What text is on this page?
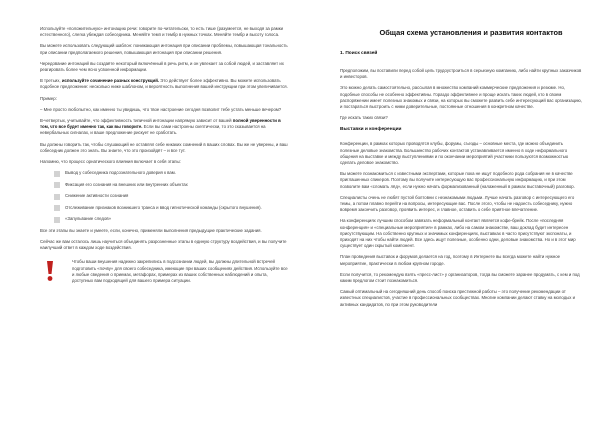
Используйте «положительную» интонацию речи: говорите по-читательски, то есть тише (разумеется, не выходя за рамки естественного), слегка убеждая собеседника. Меняйте темп и тембр в нужных точках. Меняйте тембр и высоту голоса.

Вы можете использовать следующий шаблон: понижающая интонация при описании проблемы, повышающая тональность при описании предполагаемого решения, повышающая интонация при описании решения.

Чередование интонаций вы создаёте некоторый включённый в речь ритм, и он увлекает за собой людей, и заставляет их реагировать более чем ясно усвоенной информации.

В третьих, используйте сочинение разных конструкций. Это действует более эффективно. Вы можете использовать подобное предложение: несколько ниже шаблоном, и вероятность выполнения вашей инструкции при этом увеличивается.

Пример:

– Мне просто любопытно, как именно ты увидишь, что твое настроение сегодня позволит тебе устать меньше вечером?

В-четвертых, учитывайте, что эффективность типичной интонации напрямую зависит от вашей полной уверенности в том, что все будет именно так, как вы говорите. Если вы сами настроены скептически, то это сказывается на невербальных сигналах, и ваше предложение рискует не сработать.

Вы должны говорить так, чтобы слушающий не оставлял себе никаких сомнений в ваших словах. Вы же не уверены, и ваш собеседник должен это знать. Вы знаете, что это произойдёт – и все тут.

Напомню, что процесс орнатического влияния включает в себя этапы:

Вывод у собеседника подсознательного доверия к вам.
Фиксация его сознания на внешних или внутренних объектах
Снижение активности сознания
Отслеживание признаков возникшего транса и ввод гипнотической команды (скрытого внушения).
«Запульвание следов»

Все эти этапы вы знаете и умеете, если, конечно, применяли выполнения предыдущие практические задания.

Сейчас же вам осталось лишь научиться объединять разрозненные этапы в единую структуру воздействия, и вы получите наилучший ответ в каждом ходе воздействия.

Чтобы ваши внушения надежно закрепились в подсознании людей, вы должны длительной встречей подготовить «почву» для своего собеседника, имеющие при ваших сообщениях действия. Используйте все и любые сведения о приемах, метафорах, примерах из ваших собственных наблюдений и опыта, доступных вам подходящей для вашего примера ситуации.

Общая схема установления и развития контактов
1. Поиск связей

Предположим, вы поставили перед собой цель трудоустроиться в серьезную компанию, либо найти крупных заказчиков и инвесторов.

Это можно делать самостоятельно, рассылая в множество компаний коммерческие предложения и резюме. Но, подобные способы не особенно эффективны. Гораздо эффективнее и проще искать таких людей, кто в своем распоряжении имеет полезных знакомых и связи, на которых вы сможете развить себе интересующий вас организацию, и постараться выстроить с ними доверительные, постоянные отношения в конкретном качестве.

Где искать таких связи?

Выставки и конференции

Конференции, в рамках которых проводятся клубы, форумы, съезды – основные места, где можно объединить полезные деловые знакомства. Большинство рабочих контактов устанавливается именно в ходе неформального общения на выставке и между выступлениями и по окончании мероприятий участники пользуются возможностью сделать деловое знакомство.

Вы можете познакомиться с известными экспертами, которые пока не ищут подобного рода собрания не в качестве приглашенных спикеров. Поэтому вы получите интересующую вас профессиональную информацию, и при этом позволите вам «сломать лёд», если нужно начать формализованный (налаженный в рамках выставочный) разговор.

Специалисты очень не любят пустой болтовни с незнакомыми людьми. Лучше начать разговор с интересующего его темы, а потом плавно перейти на вопросы, интересующие вас. После этого, чтобы не надоесть собеседнику, нужно вовремя закончить разговор, проявить интерес, и главное, оставить о себе приятное впечатление.

На конференциях лучшим способом завязать неформальный контакт является кофе-брейк. После «последняя конференция» и «специальные мероприятия» в рамках, либо на самом знакомстве, ваш доклад будет интересен присутствующим. На собственно крупных и значимых конференциях, выставках в часто присутствуют экспонаты, и приходят на них чтобы найти людей. Все здесь ищут полезные, особенно одни, деловые знакомства. Но и в этот мир существует один скрытый компонент.

План проведения выставок и форумов делается на год, поэтому в Интернете вы всегда можете найти нужное мероприятие, практически в любом крупном городе.

Если получится, то рекомендую взять «пресс-лист» у организаторов, тогда вы сможете заранее продумать, с кем и под каким предлогом стоит познакомиться.

Самый оптимальный на сегодняшний день способ поиска престижной работы – это получение рекомендации от известных специалистов, участие в профессиональных сообществах. Многие компании делают ставку на молодых и активных кандидатов, по при этом руководители
